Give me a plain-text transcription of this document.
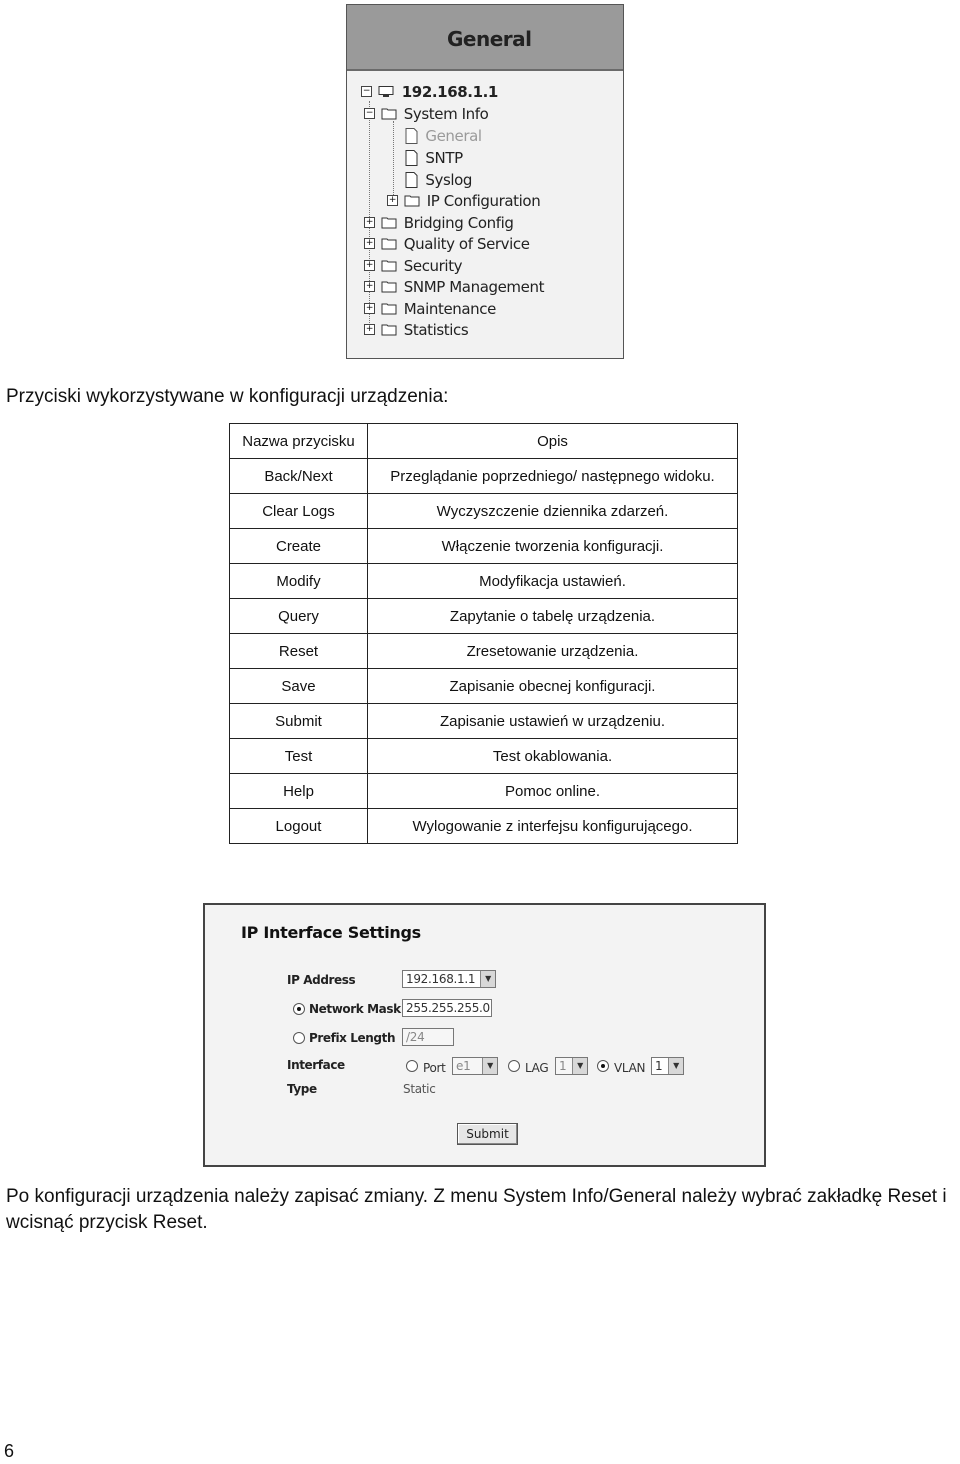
General
− 192.168.1.1
− System Info
General
SNTP
Syslog
+ IP Configuration
+ Bridging Config
+ Quality of Service
+ Security
+ SNMP Management
+ Maintenance
+ Statistics
Przyciski wykorzystywane w konfiguracji urządzenia:
Nazwa przycisku	Opis
Back/Next	Przeglądanie poprzedniego/ następnego widoku.
Clear Logs	Wyczyszczenie dziennika zdarzeń.
Create	Włączenie tworzenia konfiguracji.
Modify	Modyfikacja ustawień.
Query	Zapytanie o tabelę urządzenia.
Reset	Zresetowanie urządzenia.
Save	Zapisanie obecnej konfiguracji.
Submit	Zapisanie ustawień w urządzeniu.
Test	Test okablowania.
Help	Pomoc online.
Logout	Wylogowanie z interfejsu konfigurującego.
IP Interface Settings
IP Address	192.168.1.1	▼
Network Mask 255.255.255.0
Prefix Length /24
Interface	Port e1	▼	LAG 1	▼	VLAN 1	▼
Type	Static
Submit
Po konfiguracji urządzenia należy zapisać zmiany. Z menu System Info/General należy wybrać zakładkę Reset i wcisnąć przycisk Reset.
6
